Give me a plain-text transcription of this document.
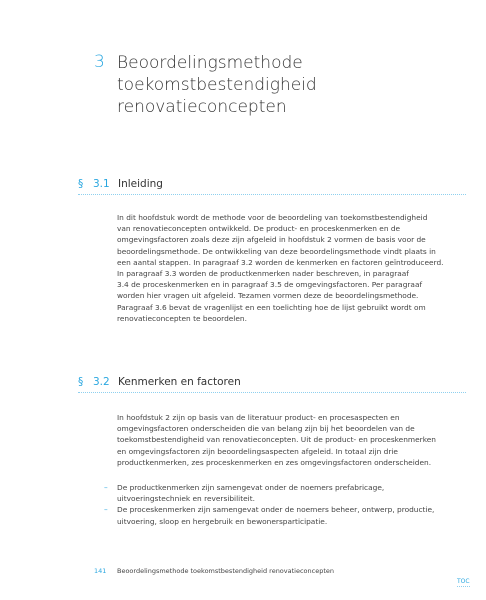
3 Beoordelingsmethode
toekomstbestendigheid
renovatieconcepten
§ 3.1 Inleiding
In dit hoofdstuk wordt de methode voor de beoordeling van toekomstbestendigheid
van renovatieconcepten ontwikkeld. De product- en proceskenmerken en de
omgevingsfactoren zoals deze zijn afgeleid in hoofdstuk 2 vormen de basis voor de
beoordelingsmethode. De ontwikkeling van deze beoordelingsmethode vindt plaats in
een aantal stappen. In paragraaf 3.2 worden de kenmerken en factoren geïntroduceerd.
In paragraaf 3.3 worden de productkenmerken nader beschreven, in paragraaf
3.4 de proceskenmerken en in paragraaf 3.5 de omgevingsfactoren. Per paragraaf
worden hier vragen uit afgeleid. Tezamen vormen deze de beoordelingsmethode.
Paragraaf 3.6 bevat de vragenlijst en een toelichting hoe de lijst gebruikt wordt om
renovatieconcepten te beoordelen.
§ 3.2 Kenmerken en factoren
In hoofdstuk 2 zijn op basis van de literatuur product- en procesaspecten en
omgevingsfactoren onderscheiden die van belang zijn bij het beoordelen van de
toekomstbestendigheid van renovatieconcepten. Uit de product- en proceskenmerken
en omgevingsfactoren zijn beoordelingsaspecten afgeleid. In totaal zijn drie
productkenmerken, zes proceskenmerken en zes omgevingsfactoren onderscheiden.
– De productkenmerken zijn samengevat onder de noemers prefabricage,
uitvoeringstechniek en reversibiliteit.
– De proceskenmerken zijn samengevat onder de noemers beheer, ontwerp, productie,
uitvoering, sloop en hergebruik en bewonersparticipatie.
141 Beoordelingsmethode toekomstbestendigheid renovatieconcepten
TOC
